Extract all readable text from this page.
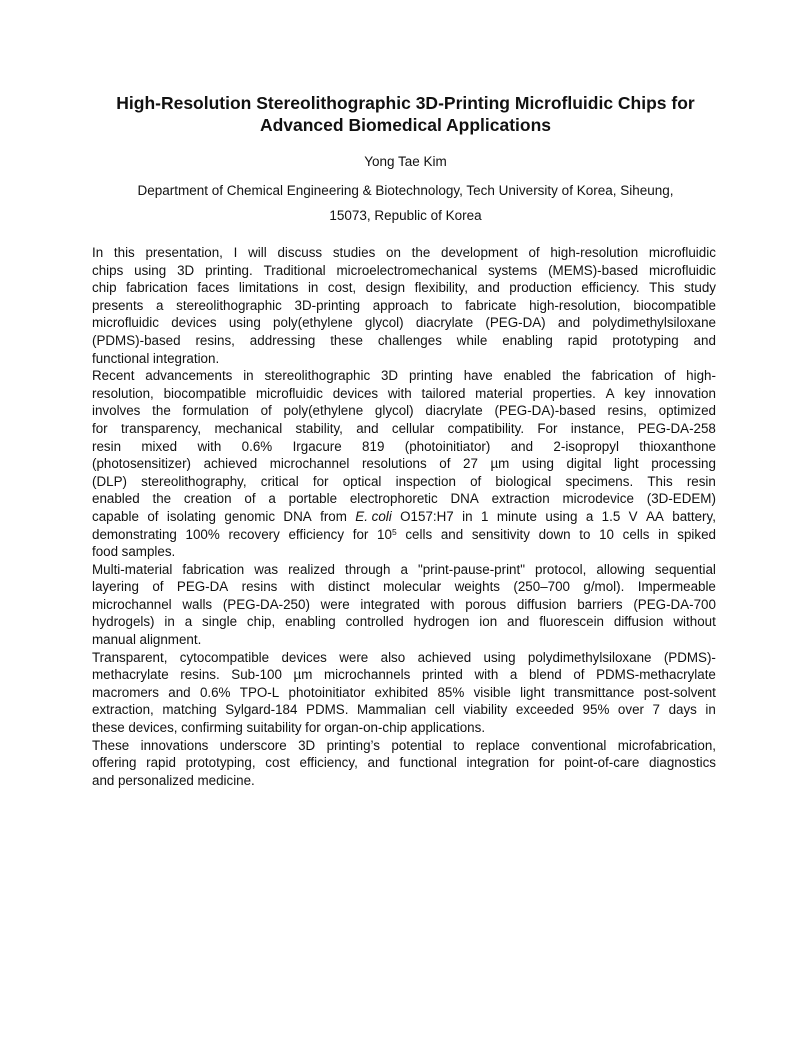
High-Resolution Stereolithographic 3D-Printing Microfluidic Chips for
Advanced Biomedical Applications
Yong Tae Kim
Department of Chemical Engineering & Biotechnology, Tech University of Korea, Siheung,
15073, Republic of Korea
In this presentation, I will discuss studies on the development of high-resolution microfluidic
chips using 3D printing. Traditional microelectromechanical systems (MEMS)-based microfluidic
chip fabrication faces limitations in cost, design flexibility, and production efficiency. This study
presents a stereolithographic 3D-printing approach to fabricate high-resolution, biocompatible
microfluidic devices using poly(ethylene glycol) diacrylate (PEG-DA) and polydimethylsiloxane
(PDMS)-based resins, addressing these challenges while enabling rapid prototyping and
functional integration.
Recent advancements in stereolithographic 3D printing have enabled the fabrication of high-
resolution, biocompatible microfluidic devices with tailored material properties. A key innovation
involves the formulation of poly(ethylene glycol) diacrylate (PEG-DA)-based resins, optimized
for transparency, mechanical stability, and cellular compatibility. For instance, PEG-DA-258
resin mixed with 0.6% Irgacure 819 (photoinitiator) and 2-isopropyl thioxanthone
(photosensitizer) achieved microchannel resolutions of 27 µm using digital light processing
(DLP) stereolithography, critical for optical inspection of biological specimens. This resin
enabled the creation of a portable electrophoretic DNA extraction microdevice (3D-EDEM)
capable of isolating genomic DNA from E. coli O157:H7 in 1 minute using a 1.5 V AA battery,
demonstrating 100% recovery efficiency for $10^5$ cells and sensitivity down to 10 cells in spiked
food samples.
Multi-material fabrication was realized through a "print-pause-print" protocol, allowing sequential
layering of PEG-DA resins with distinct molecular weights (250–700 g/mol). Impermeable
microchannel walls (PEG-DA-250) were integrated with porous diffusion barriers (PEG-DA-700
hydrogels) in a single chip, enabling controlled hydrogen ion and fluorescein diffusion without
manual alignment.
Transparent, cytocompatible devices were also achieved using polydimethylsiloxane (PDMS)-
methacrylate resins. Sub-100 µm microchannels printed with a blend of PDMS-methacrylate
macromers and 0.6% TPO-L photoinitiator exhibited 85% visible light transmittance post-solvent
extraction, matching Sylgard-184 PDMS. Mammalian cell viability exceeded 95% over 7 days in
these devices, confirming suitability for organ-on-chip applications.
These innovations underscore 3D printing’s potential to replace conventional microfabrication,
offering rapid prototyping, cost efficiency, and functional integration for point-of-care diagnostics
and personalized medicine.
